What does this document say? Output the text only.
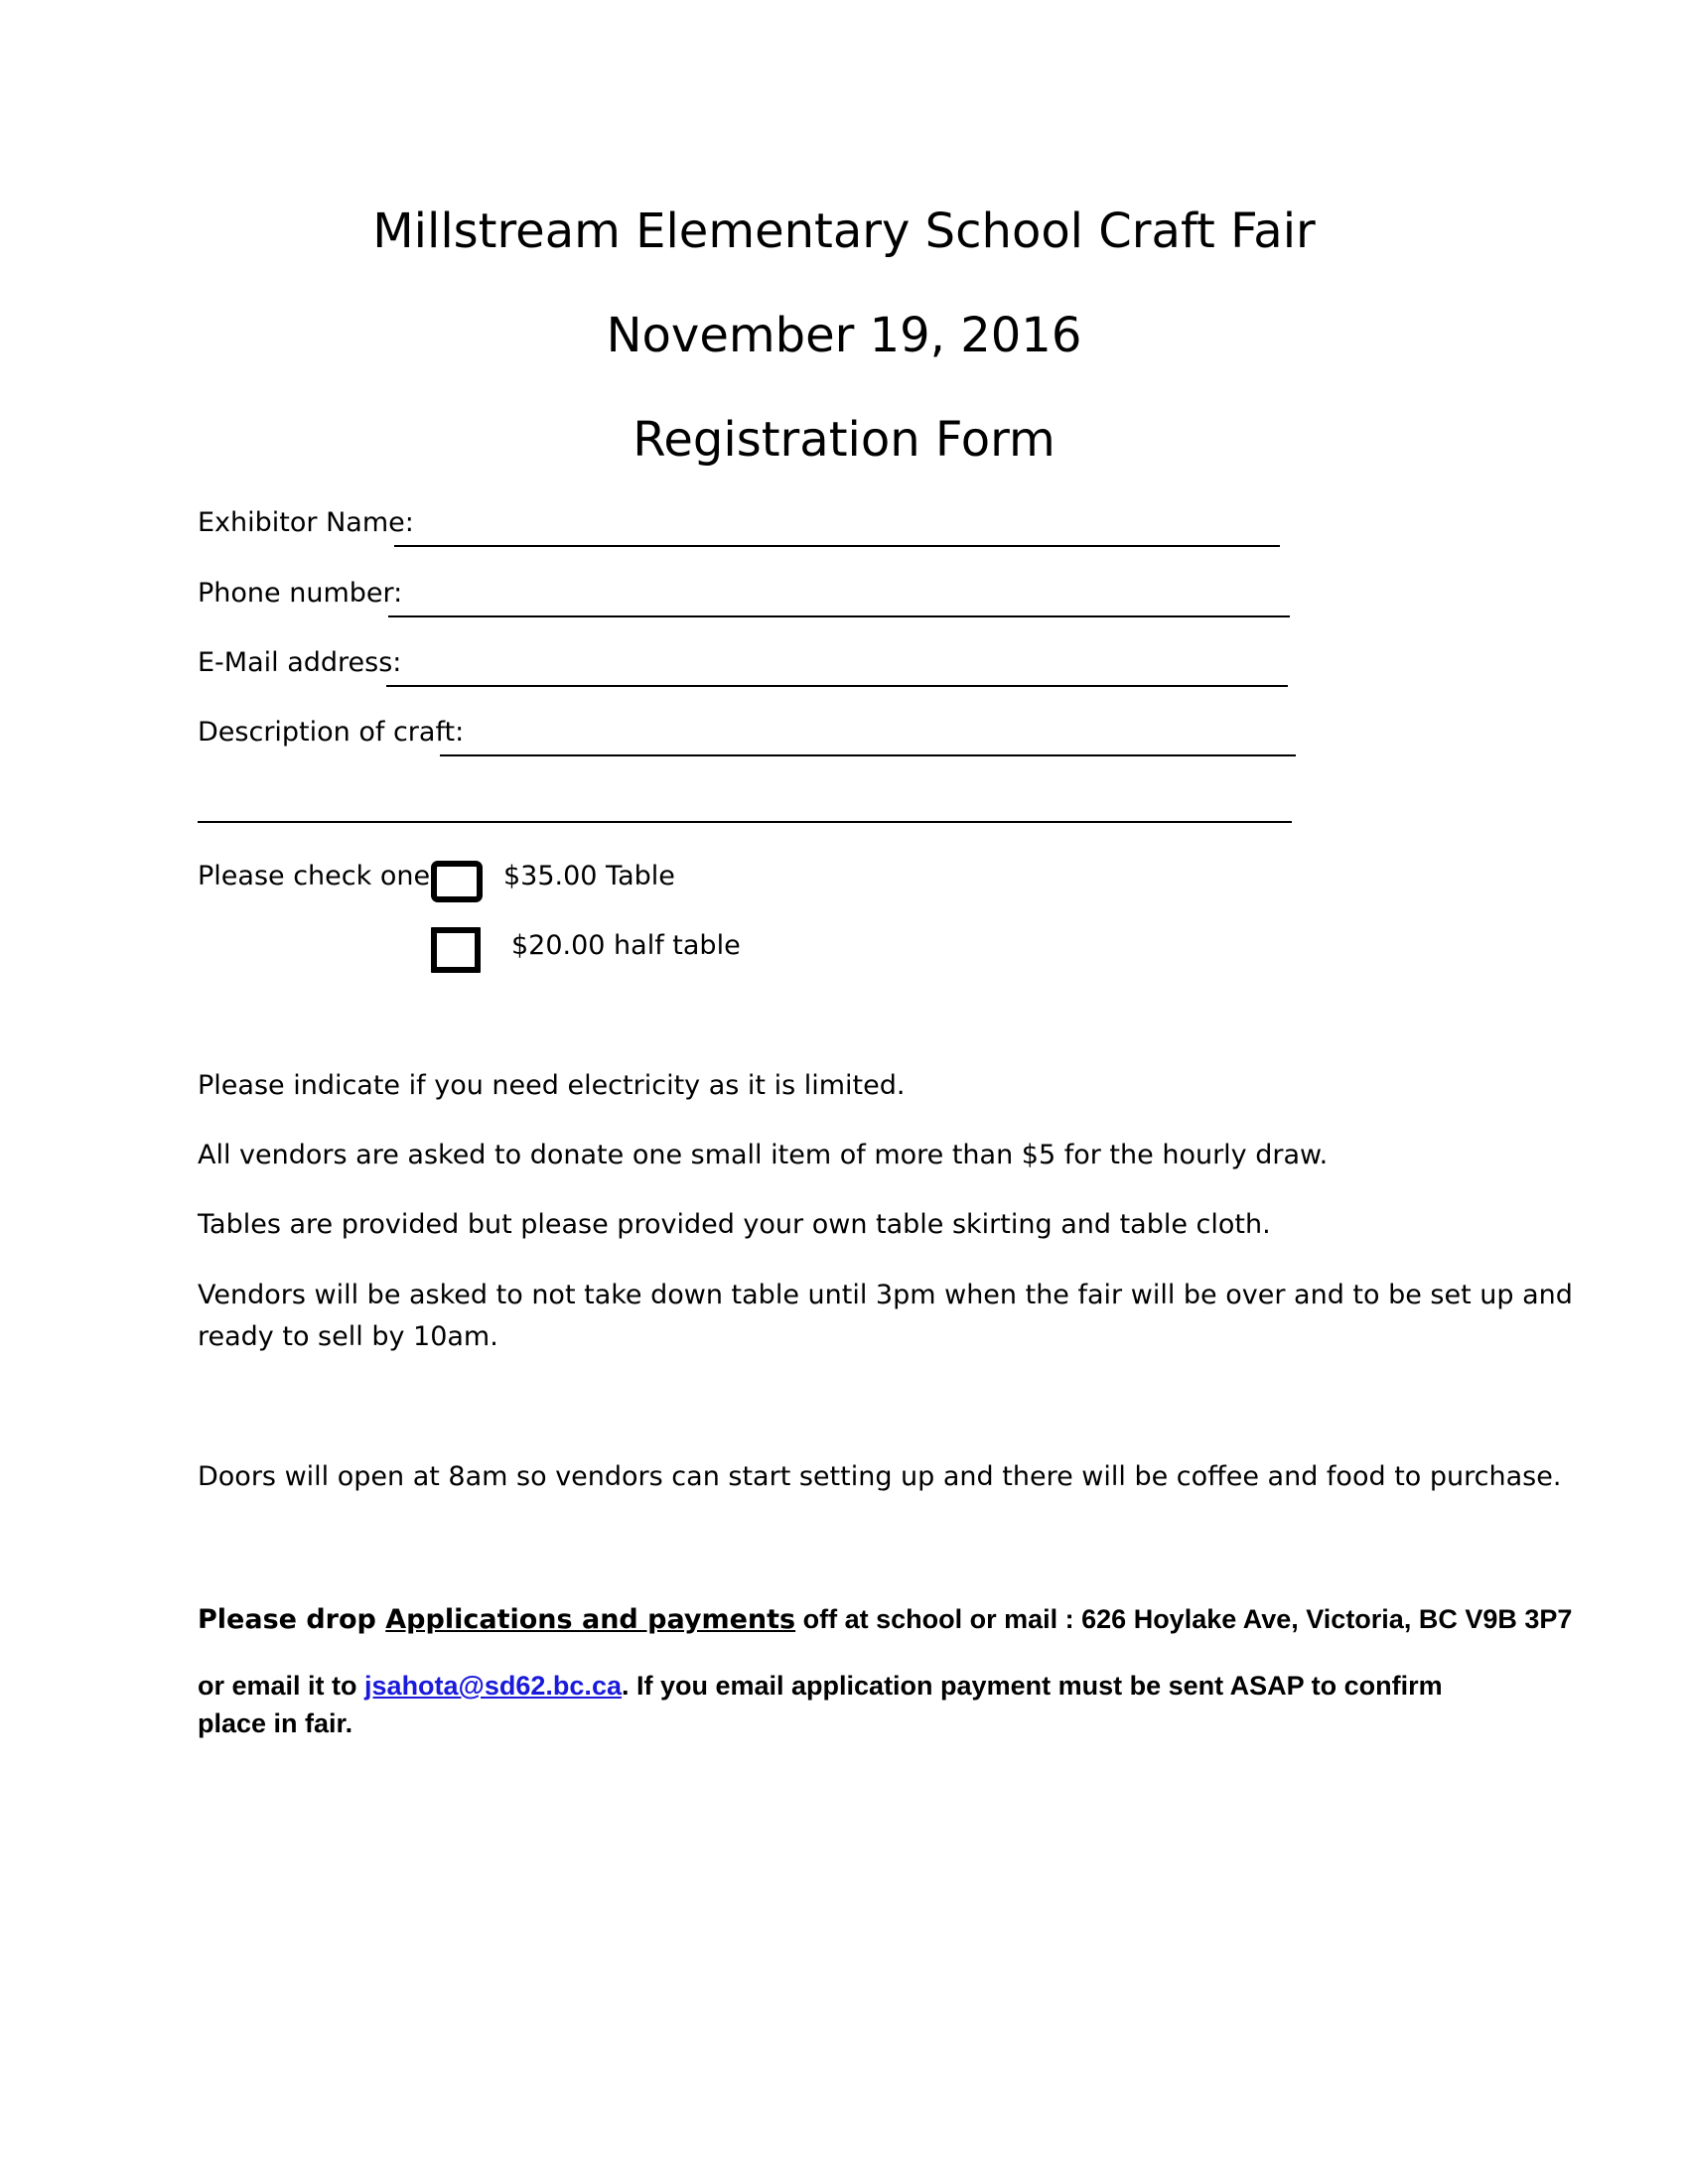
Millstream Elementary School Craft Fair
November 19, 2016
Registration Form
Exhibitor Name:
Phone number:
E-Mail address:
Description of craft:
Please check one. $35.00 Table
$20.00 half table
Please indicate if you need electricity as it is limited.
All vendors are asked to donate one small item of more than $5 for the hourly draw.
Tables are provided but please provided your own table skirting and table cloth.
Vendors will be asked to not take down table until 3pm when the fair will be over and to be set up and
ready to sell by 10am.
Doors will open at 8am so vendors can start setting up and there will be coffee and food to purchase.
Please drop Applications and payments off at school or mail : 626 Hoylake Ave, Victoria, BC V9B 3P7
or email it to jsahota@sd62.bc.ca. If you email application payment must be sent ASAP to confirm
place in fair.
